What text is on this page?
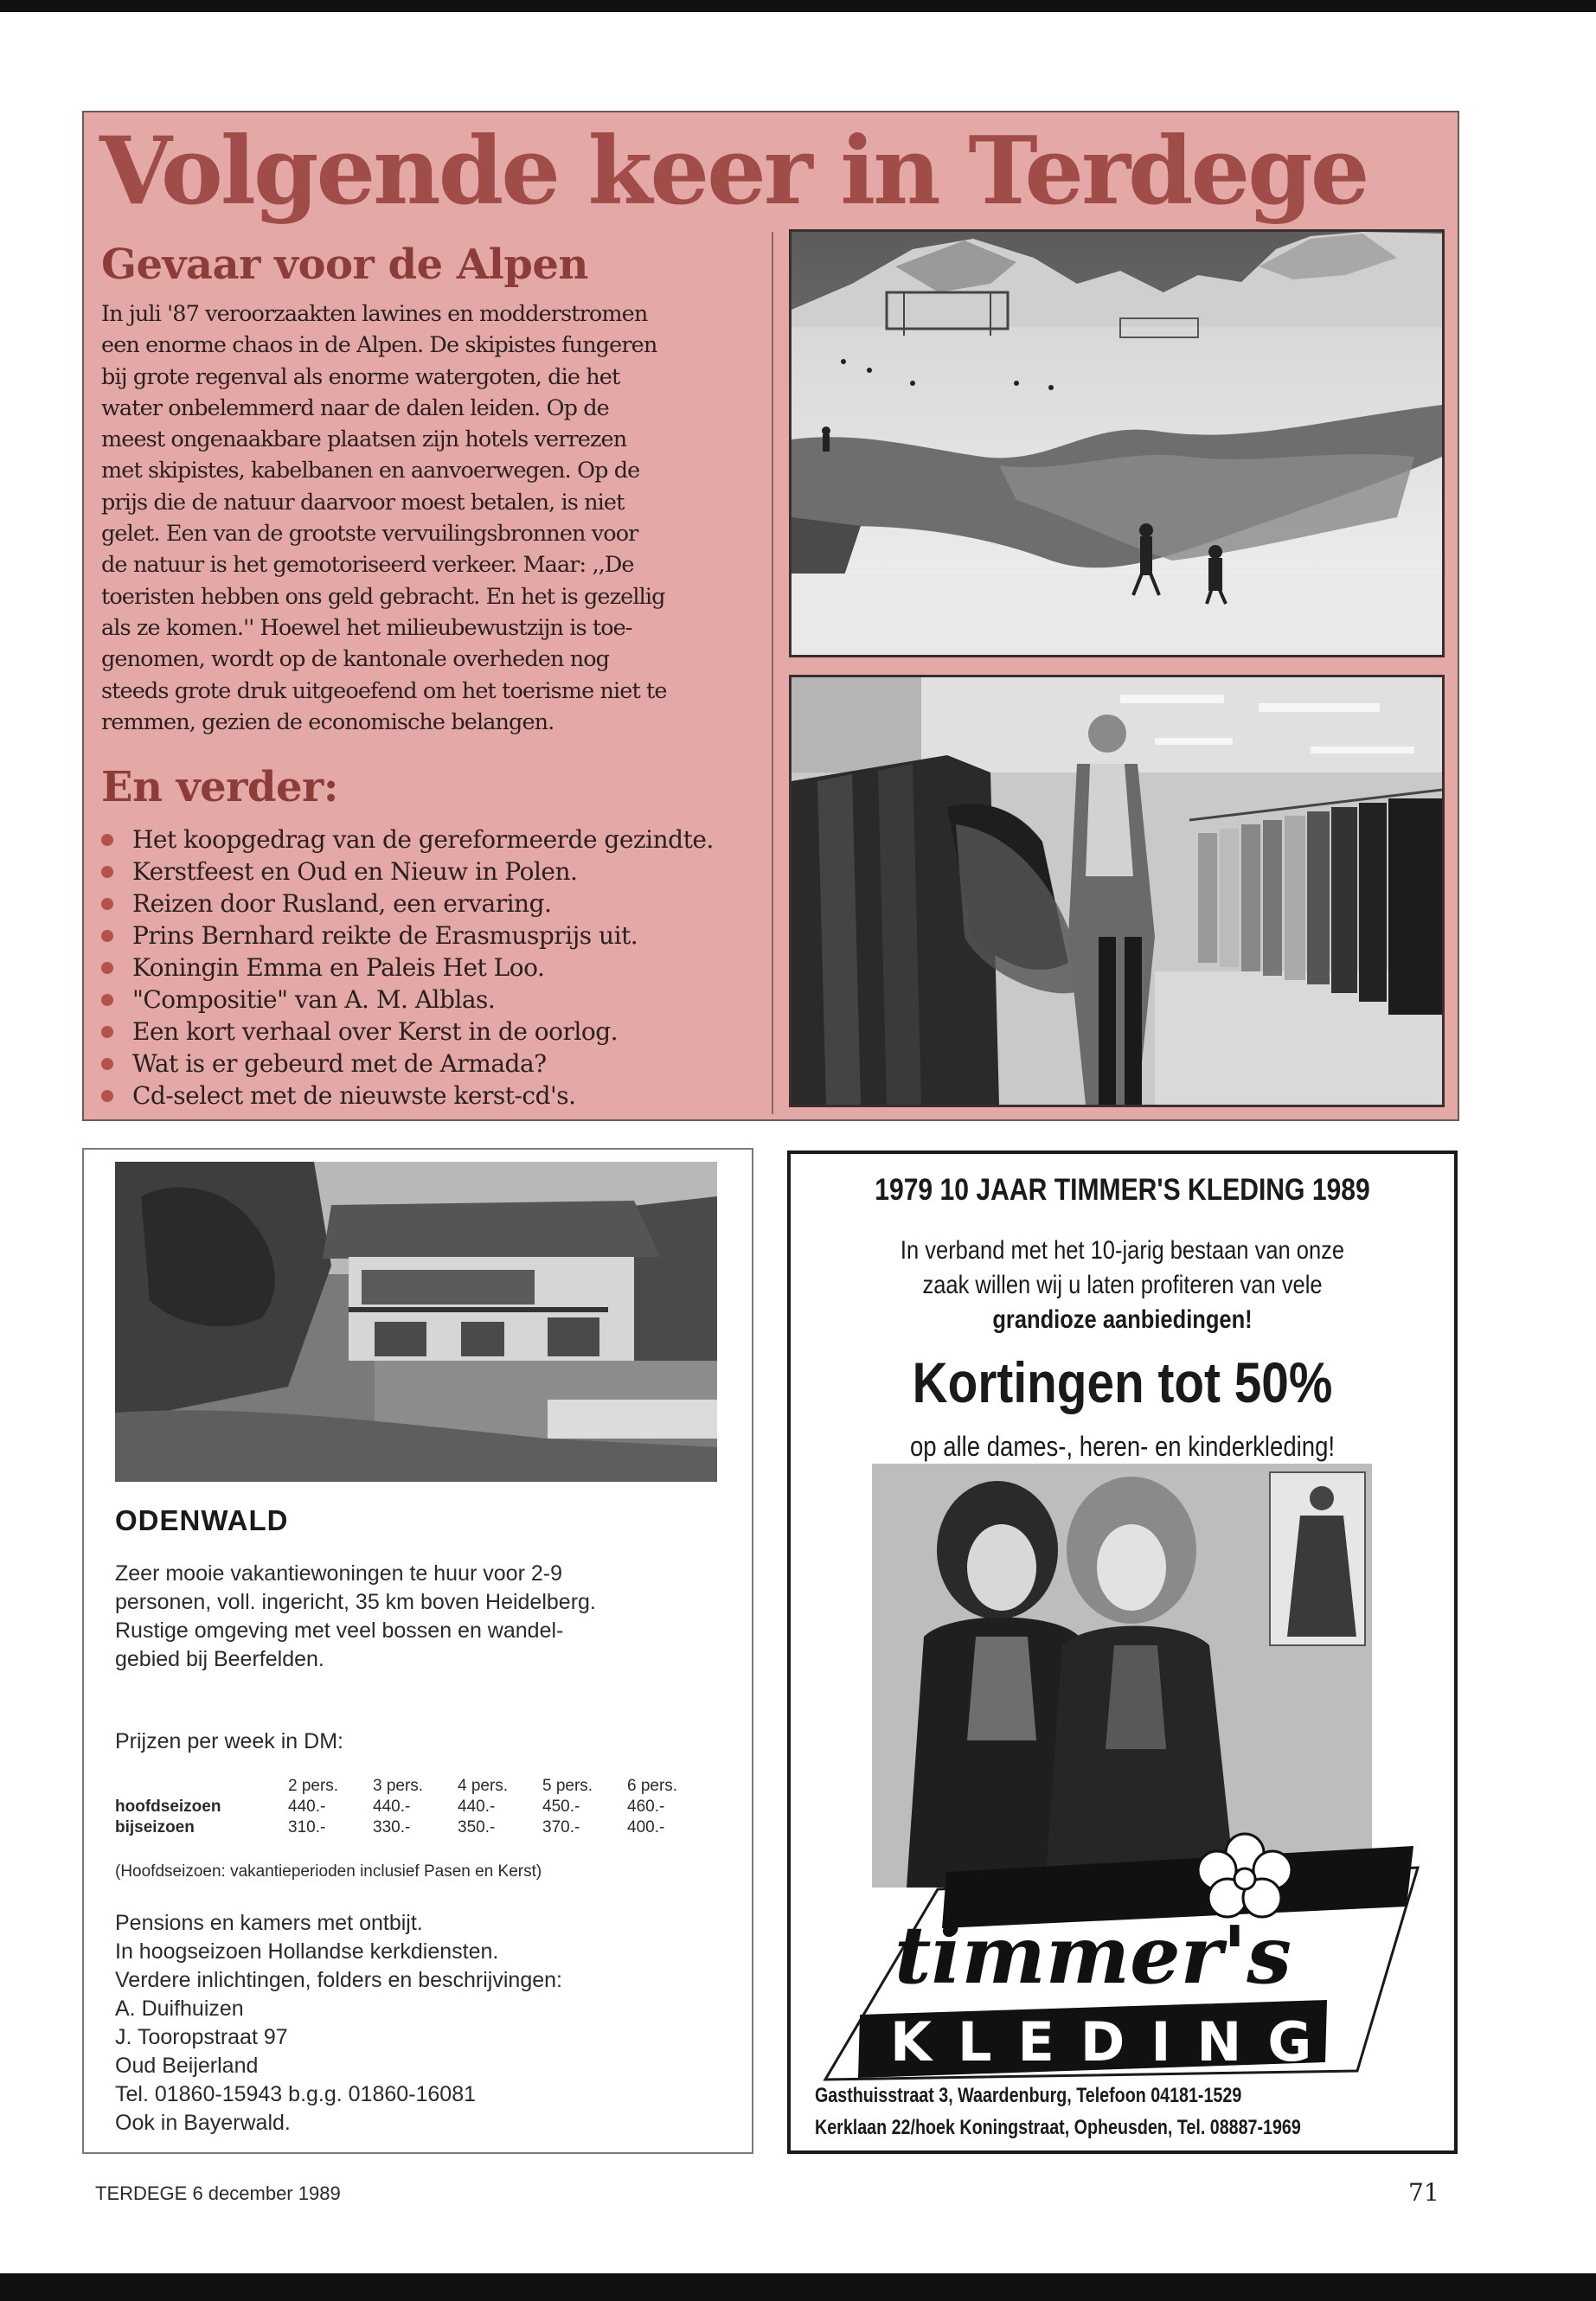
Volgende keer in Terdege
Gevaar voor de Alpen

In juli '87 veroorzaakten lawines en modderstromen
een enorme chaos in de Alpen. De skipistes fungeren
bij grote regenval als enorme watergoten, die het
water onbelemmerd naar de dalen leiden. Op de
meest ongenaakbare plaatsen zijn hotels verrezen
met skipistes, kabelbanen en aanvoerwegen. Op de
prijs die de natuur daarvoor moest betalen, is niet
gelet. Een van de grootste vervuilingsbronnen voor
de natuur is het gemotoriseerd verkeer. Maar: ,,De
toeristen hebben ons geld gebracht. En het is gezellig
als ze komen.'' Hoewel het milieubewustzijn is toe-
genomen, wordt op de kantonale overheden nog
steeds grote druk uitgeoefend om het toerisme niet te
remmen, gezien de economische belangen.

En verder:
Het koopgedrag van de gereformeerde gezindte.
Kerstfeest en Oud en Nieuw in Polen.
Reizen door Rusland, een ervaring.
Prins Bernhard reikte de Erasmusprijs uit.
Koningin Emma en Paleis Het Loo.
"Compositie" van A. M. Alblas.
Een kort verhaal over Kerst in de oorlog.
Wat is er gebeurd met de Armada?
Cd-select met de nieuwste kerst-cd's.
ODENWALD

Zeer mooie vakantiewoningen te huur voor 2-9
personen, voll. ingericht, 35 km boven Heidelberg.
Rustige omgeving met veel bossen en wandel-
gebied bij Beerfelden.

Prijzen per week in DM:

	2 pers.	3 pers.	4 pers.	5 pers.	6 pers.
hoofdseizoen	440.-	440.-	440.-	450.-	460.-
bijseizoen	310.-	330.-	350.-	370.-	400.-

(Hoofdseizoen: vakantieperioden inclusief Pasen en Kerst)

Pensions en kamers met ontbijt.
In hoogseizoen Hollandse kerkdiensten.
Verdere inlichtingen, folders en beschrijvingen:
A. Duifhuizen
J. Tooropstraat 97
Oud Beijerland
Tel. 01860-15943 b.g.g. 01860-16081
Ook in Bayerwald.

1979 10 JAAR TIMMER'S KLEDING 1989

In verband met het 10-jarig bestaan van onze
zaak willen wij u laten profiteren van vele
grandioze aanbiedingen!

Kortingen tot 50%

op alle dames-, heren- en kinderkleding!

timmer's
KLEDING

Gasthuisstraat 3, Waardenburg, Telefoon 04181-1529

Kerklaan 22/hoek Koningstraat, Opheusden, Tel. 08887-1969

TERDEGE 6 december 1989	71
